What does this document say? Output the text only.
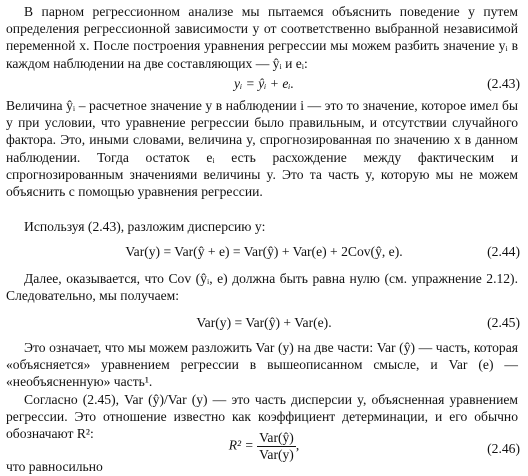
В парном регрессионном анализе мы пытаемся объяснить поведение y путем определения регрессионной зависимости y от соответственно выбранной независимой переменной x. После построения уравнения регрессии мы можем разбить значение yᵢ в каждом наблюдении на две составляющих — ŷᵢ и eᵢ:

yᵢ = ŷᵢ + eᵢ.	(2.43)

Величина ŷᵢ – расчетное значение y в наблюдении i — это то значение, которое имел бы y при условии, что уравнение регрессии было правильным, и отсутствии случайного фактора. Это, иными словами, величина y, спрогнозированная по значению x в данном наблюдении. Тогда остаток eᵢ есть расхождение между фактическим и спрогнозированным значениями величины y. Это та часть y, которую мы не можем объяснить с помощью уравнения регрессии.

Используя (2.43), разложим дисперсию y:

Var(y) = Var(ŷ + e) = Var(ŷ) + Var(e) + 2Cov(ŷ, e).	(2.44)

Далее, оказывается, что Cov (ŷᵢ, e) должна быть равна нулю (см. упражнение 2.12). Следовательно, мы получаем:

Var(y) = Var(ŷ) + Var(e).	(2.45)

Это означает, что мы можем разложить Var (y) на две части: Var (ŷ) — часть, которая «объясняется» уравнением регрессии в вышеописанном смысле, и Var (e) — «необъясненную» часть¹.

Согласно (2.45), Var (ŷ)/Var (y) — это часть дисперсии y, объясненная уравнением регрессии. Это отношение известно как коэффициент детерминации, и его обычно обозначают R²:

$R^2 = \frac{\text{Var(ŷ)}}{\text{Var(y)}}$ ,	(2.46)

что равносильно
